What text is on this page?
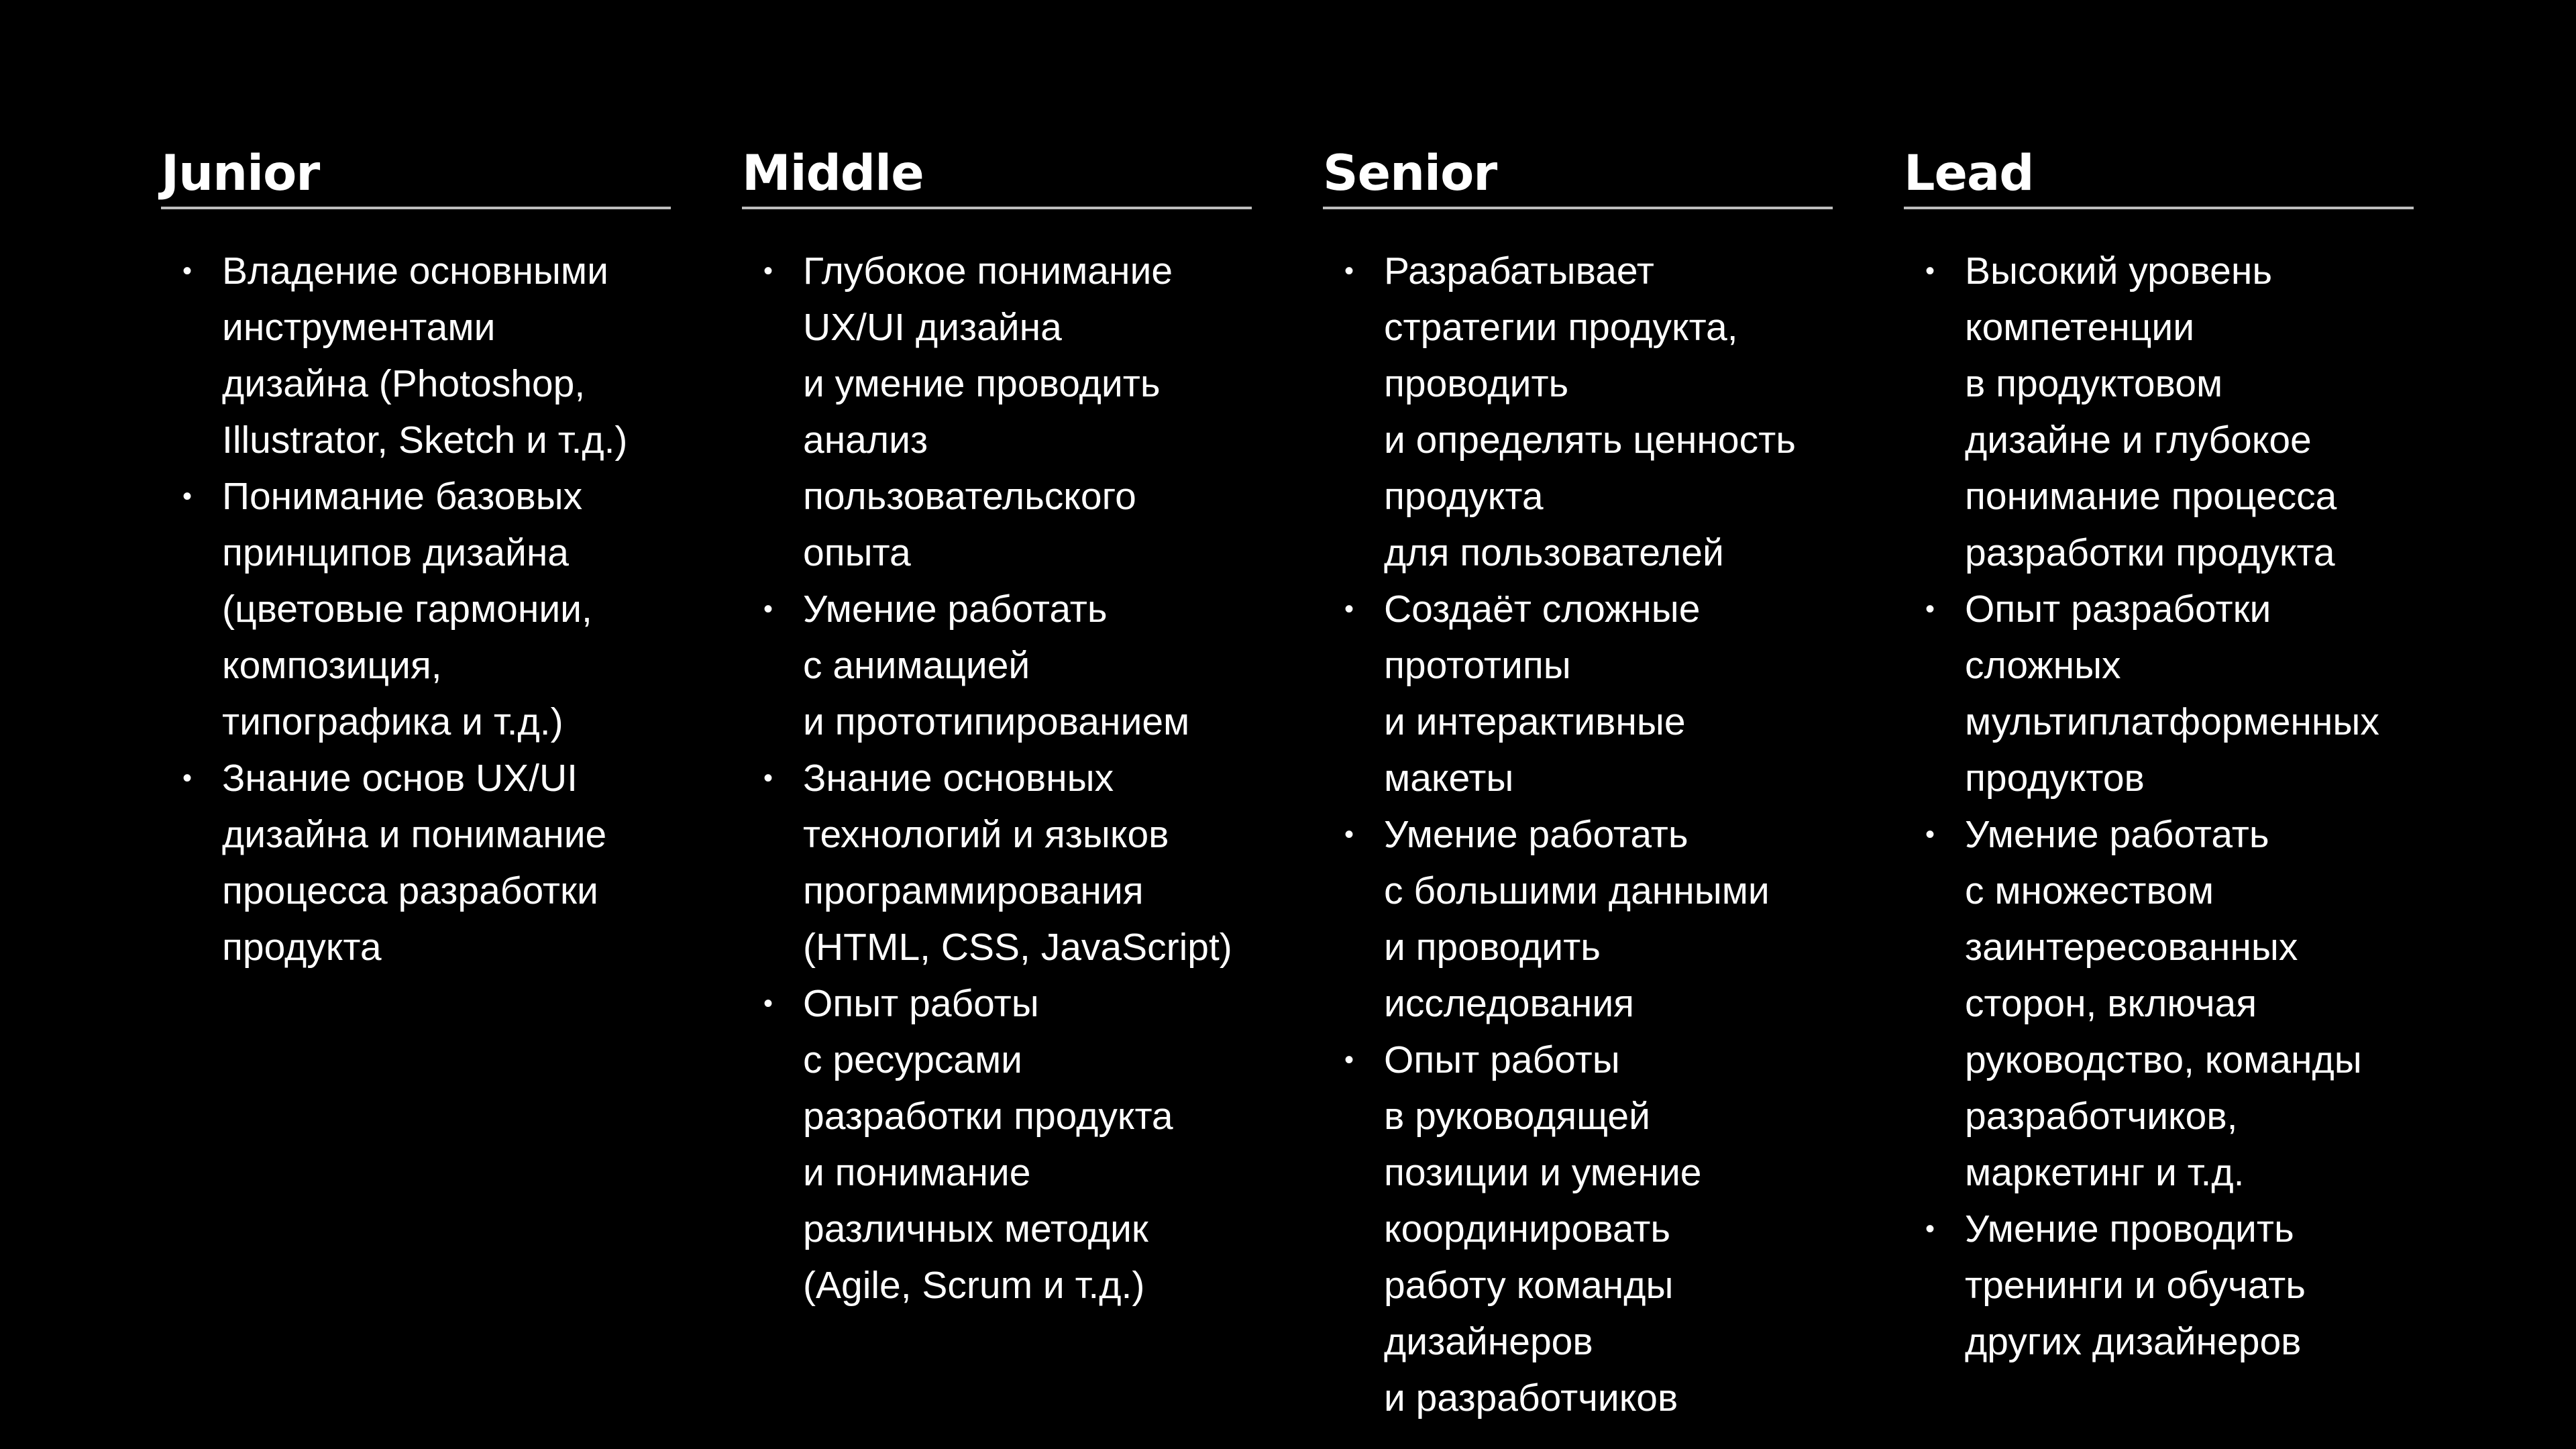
Junior
• Владение основными
инструментами
дизайна (Photoshop,
Illustrator, Sketch и т.д.)
• Понимание базовых
принципов дизайна
(цветовые гармонии,
композиция,
типографика и т.д.)
• Знание основ UX/UI
дизайна и понимание
процесса разработки
продукта
Middle
• Глубокое понимание
UX/UI дизайна
и умение проводить
анализ
пользовательского
опыта
• Умение работать
с анимацией
и прототипированием
• Знание основных
технологий и языков
программирования
(HTML, CSS, JavaScript)
• Опыт работы
с ресурсами
разработки продукта
и понимание
различных методик
(Agile, Scrum и т.д.)
Senior
• Разрабатывает
стратегии продукта,
проводить
и определять ценность
продукта
для пользователей
• Создаёт сложные
прототипы
и интерактивные
макеты
• Умение работать
с большими данными
и проводить
исследования
• Опыт работы
в руководящей
позиции и умение
координировать
работу команды
дизайнеров
и разработчиков
Lead
• Высокий уровень
компетенции
в продуктовом
дизайне и глубокое
понимание процесса
разработки продукта
• Опыт разработки
сложных
мультиплатформенных
продуктов
• Умение работать
с множеством
заинтересованных
сторон, включая
руководство, команды
разработчиков,
маркетинг и т.д.
• Умение проводить
тренинги и обучать
других дизайнеров
